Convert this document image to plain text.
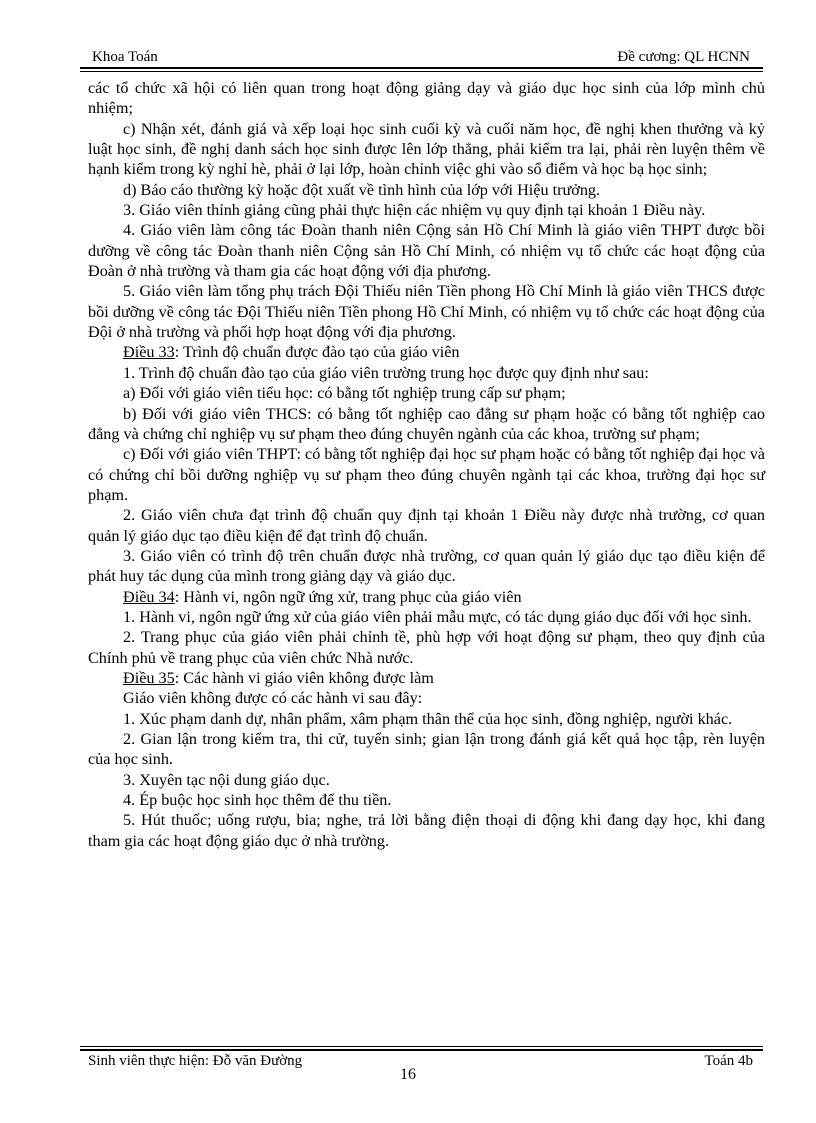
Khoa Toán	Đề cương: QL HCNN

các tổ chức xã hội có liên quan trong hoạt động giảng dạy và giáo dục học sinh của lớp mình chủ nhiệm;

c) Nhận xét, đánh giá và xếp loại học sinh cuối kỳ và cuối năm học, đề nghị khen thưởng và kỷ luật học sinh, đề nghị danh sách học sinh được lên lớp thẳng, phải kiểm tra lại, phải rèn luyện thêm về hạnh kiểm trong kỳ nghỉ hè, phải ở lại lớp, hoàn chỉnh việc ghi vào sổ điểm và học bạ học sinh;

d) Báo cáo thường kỳ hoặc đột xuất về tình hình của lớp với Hiệu trưởng.

3. Giáo viên thỉnh giảng cũng phải thực hiện các nhiệm vụ quy định tại khoản 1 Điều này.

4. Giáo viên làm công tác Đoàn thanh niên Cộng sản Hồ Chí Minh là giáo viên THPT được bồi dưỡng về công tác Đoàn thanh niên Cộng sản Hồ Chí Minh, có nhiệm vụ tổ chức các hoạt động của Đoàn ở nhà trường và tham gia các hoạt động với địa phương.

5. Giáo viên làm tổng phụ trách Đội Thiếu niên Tiền phong Hồ Chí Minh là giáo viên THCS được bồi dưỡng về công tác Đội Thiếu niên Tiền phong Hồ Chí Minh, có nhiệm vụ tổ chức các hoạt động của Đội ở nhà trường và phối hợp hoạt động với địa phương.

Điều 33: Trình độ chuẩn được đào tạo của giáo viên

1. Trình độ chuẩn đào tạo của giáo viên trường trung học được quy định như sau:

a) Đối với giáo viên tiểu học: có bằng tốt nghiệp trung cấp sư phạm;

b) Đối với giáo viên THCS: có bằng tốt nghiệp cao đẳng sư phạm hoặc có bằng tốt nghiệp cao đẳng và chứng chỉ nghiệp vụ sư phạm theo đúng chuyên ngành của các khoa, trường sư phạm;

c) Đối với giáo viên THPT: có bằng tốt nghiệp đại học sư phạm hoặc có bằng tốt nghiệp đại học và có chứng chỉ bồi dưỡng nghiệp vụ sư phạm theo đúng chuyên ngành tại các khoa, trường đại học sư phạm.

2. Giáo viên chưa đạt trình độ chuẩn quy định tại khoản 1 Điều này được nhà trường, cơ quan quản lý giáo dục tạo điều kiện để đạt trình độ chuẩn.

3. Giáo viên có trình độ trên chuẩn được nhà trường, cơ quan quản lý giáo dục tạo điều kiện để phát huy tác dụng của mình trong giảng dạy và giáo dục.

Điều 34: Hành vi, ngôn ngữ ứng xử, trang phục của giáo viên

1. Hành vi, ngôn ngữ ứng xử của giáo viên phải mẫu mực, có tác dụng giáo dục đối với học sinh.

2. Trang phục của giáo viên phải chỉnh tề, phù hợp với hoạt động sư phạm, theo quy định của Chính phủ về trang phục của viên chức Nhà nước.

Điều 35: Các hành vi giáo viên không được làm

Giáo viên không được có các hành vi sau đây:

1. Xúc phạm danh dự, nhân phẩm, xâm phạm thân thể của học sinh, đồng nghiệp, người khác.

2. Gian lận trong kiểm tra, thi cử, tuyển sinh; gian lận trong đánh giá kết quả học tập, rèn luyện của học sinh.

3. Xuyên tạc nội dung giáo dục.

4. Ép buộc học sinh học thêm để thu tiền.

5. Hút thuốc; uống rượu, bia; nghe, trả lời bằng điện thoại di động khi đang dạy học, khi đang tham gia các hoạt động giáo dục ở nhà trường.

Sinh viên thực hiện: Đỗ văn Đường	Toán 4b
16
